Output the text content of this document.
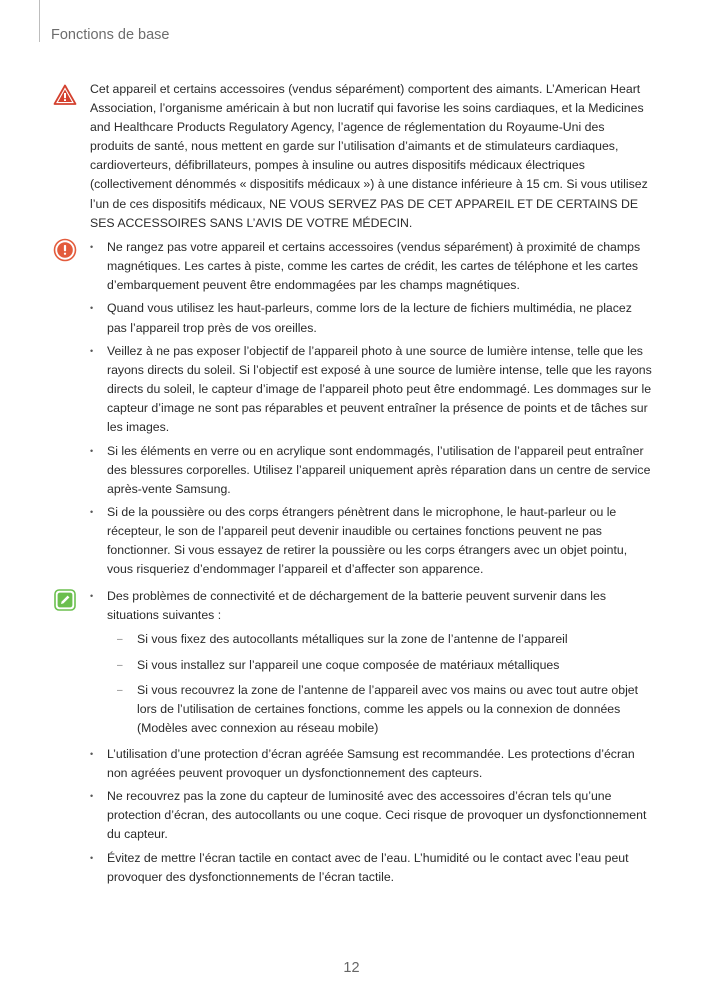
Fonctions de base

Cet appareil et certains accessoires (vendus séparément) comportent des aimants. L’American Heart Association, l’organisme américain à but non lucratif qui favorise les soins cardiaques, et la Medicines and Healthcare Products Regulatory Agency, l’agence de réglementation du Royaume-Uni des produits de santé, nous mettent en garde sur l’utilisation d’aimants et de stimulateurs cardiaques, cardioverteurs, défibrillateurs, pompes à insuline ou autres dispositifs médicaux électriques (collectivement dénommés « dispositifs médicaux ») à une distance inférieure à 15 cm. Si vous utilisez l’un de ces dispositifs médicaux, NE VOUS SERVEZ PAS DE CET APPAREIL ET DE CERTAINS DE SES ACCESSOIRES SANS L’AVIS DE VOTRE MÉDECIN.

• Ne rangez pas votre appareil et certains accessoires (vendus séparément) à proximité de champs magnétiques. Les cartes à piste, comme les cartes de crédit, les cartes de téléphone et les cartes d’embarquement peuvent être endommagées par les champs magnétiques.
• Quand vous utilisez les haut-parleurs, comme lors de la lecture de fichiers multimédia, ne placez pas l’appareil trop près de vos oreilles.
• Veillez à ne pas exposer l’objectif de l’appareil photo à une source de lumière intense, telle que les rayons directs du soleil. Si l’objectif est exposé à une source de lumière intense, telle que les rayons directs du soleil, le capteur d’image de l’appareil photo peut être endommagé. Les dommages sur le capteur d’image ne sont pas réparables et peuvent entraîner la présence de points et de tâches sur les images.
• Si les éléments en verre ou en acrylique sont endommagés, l’utilisation de l’appareil peut entraîner des blessures corporelles. Utilisez l’appareil uniquement après réparation dans un centre de service après-vente Samsung.
• Si de la poussière ou des corps étrangers pénètrent dans le microphone, le haut-parleur ou le récepteur, le son de l’appareil peut devenir inaudible ou certaines fonctions peuvent ne pas fonctionner. Si vous essayez de retirer la poussière ou les corps étrangers avec un objet pointu, vous risqueriez d’endommager l’appareil et d’affecter son apparence.
• Des problèmes de connectivité et de déchargement de la batterie peuvent survenir dans les situations suivantes :
– Si vous fixez des autocollants métalliques sur la zone de l’antenne de l’appareil
– Si vous installez sur l’appareil une coque composée de matériaux métalliques
– Si vous recouvrez la zone de l’antenne de l’appareil avec vos mains ou avec tout autre objet lors de l’utilisation de certaines fonctions, comme les appels ou la connexion de données (Modèles avec connexion au réseau mobile)
• L’utilisation d’une protection d’écran agréée Samsung est recommandée. Les protections d’écran non agréées peuvent provoquer un dysfonctionnement des capteurs.
• Ne recouvrez pas la zone du capteur de luminosité avec des accessoires d’écran tels qu’une protection d’écran, des autocollants ou une coque. Ceci risque de provoquer un dysfonctionnement du capteur.
• Évitez de mettre l’écran tactile en contact avec de l’eau. L’humidité ou le contact avec l’eau peut provoquer des dysfonctionnements de l’écran tactile.
12
